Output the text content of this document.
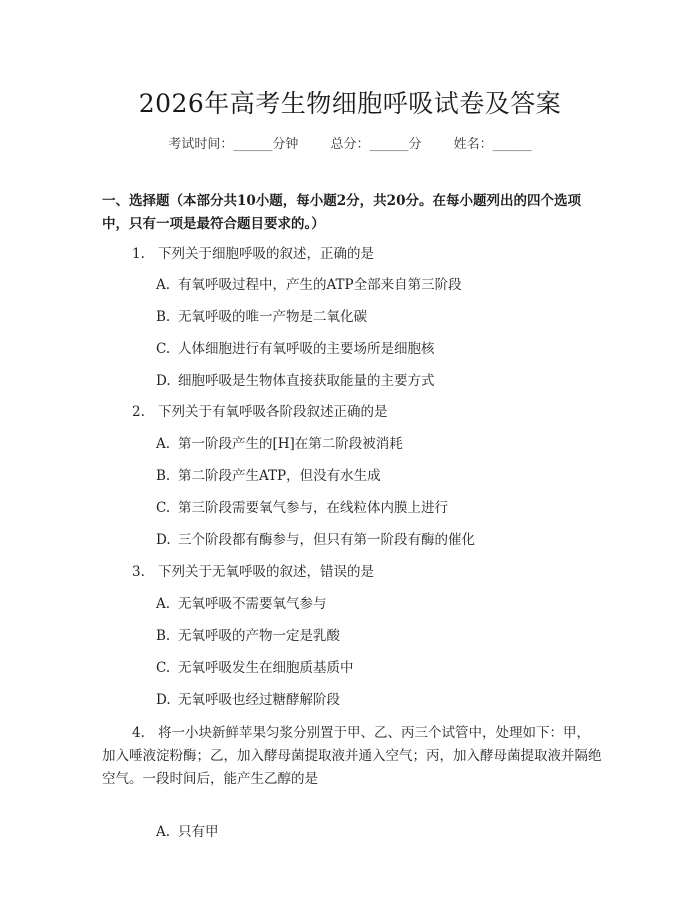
2026年高考生物细胞呼吸试卷及答案
考试时间：______分钟 总分：______分 姓名：______
一、选择题（本部分共10小题，每小题2分，共20分。在每小题列出的四个选项中，只有一项是最符合题目要求的。）
1. 下列关于细胞呼吸的叙述，正确的是
A. 有氧呼吸过程中，产生的ATP全部来自第三阶段
B. 无氧呼吸的唯一产物是二氧化碳
C. 人体细胞进行有氧呼吸的主要场所是细胞核
D. 细胞呼吸是生物体直接获取能量的主要方式
2. 下列关于有氧呼吸各阶段叙述正确的是
A. 第一阶段产生的[H]在第二阶段被消耗
B. 第二阶段产生ATP，但没有水生成
C. 第三阶段需要氧气参与，在线粒体内膜上进行
D. 三个阶段都有酶参与，但只有第一阶段有酶的催化
3. 下列关于无氧呼吸的叙述，错误的是
A. 无氧呼吸不需要氧气参与
B. 无氧呼吸的产物一定是乳酸
C. 无氧呼吸发生在细胞质基质中
D. 无氧呼吸也经过糖酵解阶段
4. 将一小块新鲜苹果匀浆分别置于甲、乙、丙三个试管中，处理如下：甲，加入唾液淀粉酶；乙，加入酵母菌提取液并通入空气；丙，加入酵母菌提取液并隔绝空气。一段时间后，能产生乙醇的是
A. 只有甲
